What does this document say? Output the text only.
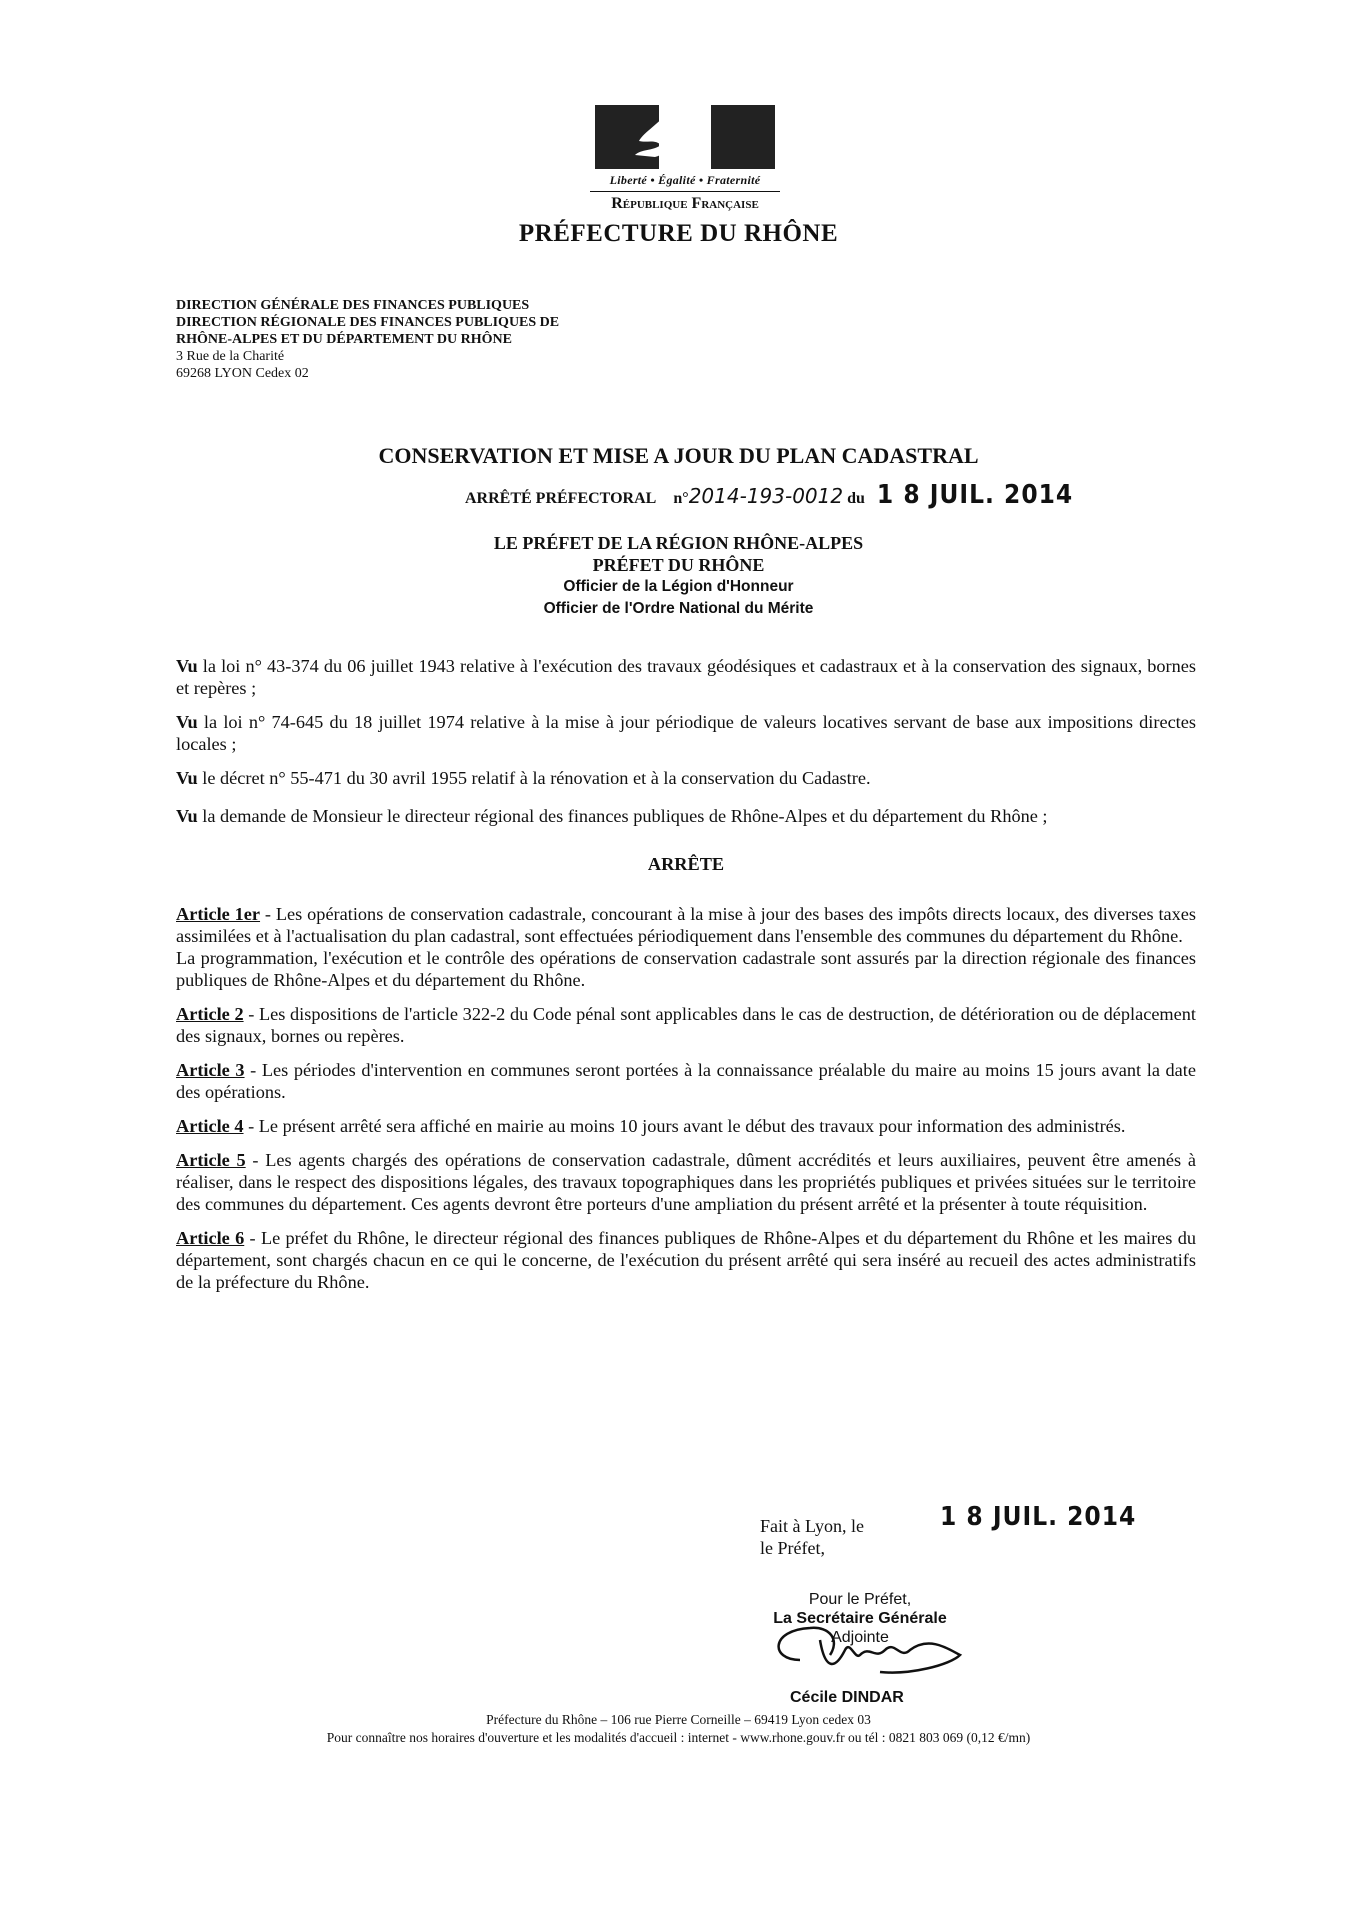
Liberté • Égalité • Fraternité
République Française
PRÉFECTURE DU RHÔNE
DIRECTION GÉNÉRALE DES FINANCES PUBLIQUES
DIRECTION RÉGIONALE DES FINANCES PUBLIQUES DE
RHÔNE-ALPES ET DU DÉPARTEMENT DU RHÔNE
3 Rue de la Charité
69268 LYON Cedex 02
CONSERVATION ET MISE A JOUR DU PLAN CADASTRAL
ARRÊTÉ PRÉFECTORAL n°2014-193-0012 du 1 8 JUIL. 2014
LE PRÉFET DE LA RÉGION RHÔNE-ALPES
PRÉFET DU RHÔNE
Officier de la Légion d'Honneur
Officier de l'Ordre National du Mérite

Vu la loi n° 43-374 du 06 juillet 1943 relative à l'exécution des travaux géodésiques et cadastraux et à la conservation des signaux, bornes et repères ;

Vu la loi n° 74-645 du 18 juillet 1974 relative à la mise à jour périodique de valeurs locatives servant de base aux impositions directes locales ;

Vu le décret n° 55-471 du 30 avril 1955 relatif à la rénovation et à la conservation du Cadastre.

Vu la demande de Monsieur le directeur régional des finances publiques de Rhône-Alpes et du département du Rhône ;

ARRÊTE

Article 1er - Les opérations de conservation cadastrale, concourant à la mise à jour des bases des impôts directs locaux, des diverses taxes assimilées et à l'actualisation du plan cadastral, sont effectuées périodiquement dans l'ensemble des communes du département du Rhône.

La programmation, l'exécution et le contrôle des opérations de conservation cadastrale sont assurés par la direction régionale des finances publiques de Rhône-Alpes et du département du Rhône.

Article 2 - Les dispositions de l'article 322-2 du Code pénal sont applicables dans le cas de destruction, de détérioration ou de déplacement des signaux, bornes ou repères.

Article 3 - Les périodes d'intervention en communes seront portées à la connaissance préalable du maire au moins 15 jours avant la date des opérations.

Article 4 - Le présent arrêté sera affiché en mairie au moins 10 jours avant le début des travaux pour information des administrés.

Article 5 - Les agents chargés des opérations de conservation cadastrale, dûment accrédités et leurs auxiliaires, peuvent être amenés à réaliser, dans le respect des dispositions légales, des travaux topographiques dans les propriétés publiques et privées situées sur le territoire des communes du département. Ces agents devront être porteurs d'une ampliation du présent arrêté et la présenter à toute réquisition.

Article 6 - Le préfet du Rhône, le directeur régional des finances publiques de Rhône-Alpes et du département du Rhône et les maires du département, sont chargés chacun en ce qui le concerne, de l'exécution du présent arrêté qui sera inséré au recueil des actes administratifs de la préfecture du Rhône.

Fait à Lyon, le
le Préfet,
1 8 JUIL. 2014
Pour le Préfet,
La Secrétaire Générale
Adjointe
Cécile DINDAR
Préfecture du Rhône – 106 rue Pierre Corneille – 69419 Lyon cedex 03
Pour connaître nos horaires d'ouverture et les modalités d'accueil : internet - www.rhone.gouv.fr ou tél : 0821 803 069 (0,12 €/mn)
